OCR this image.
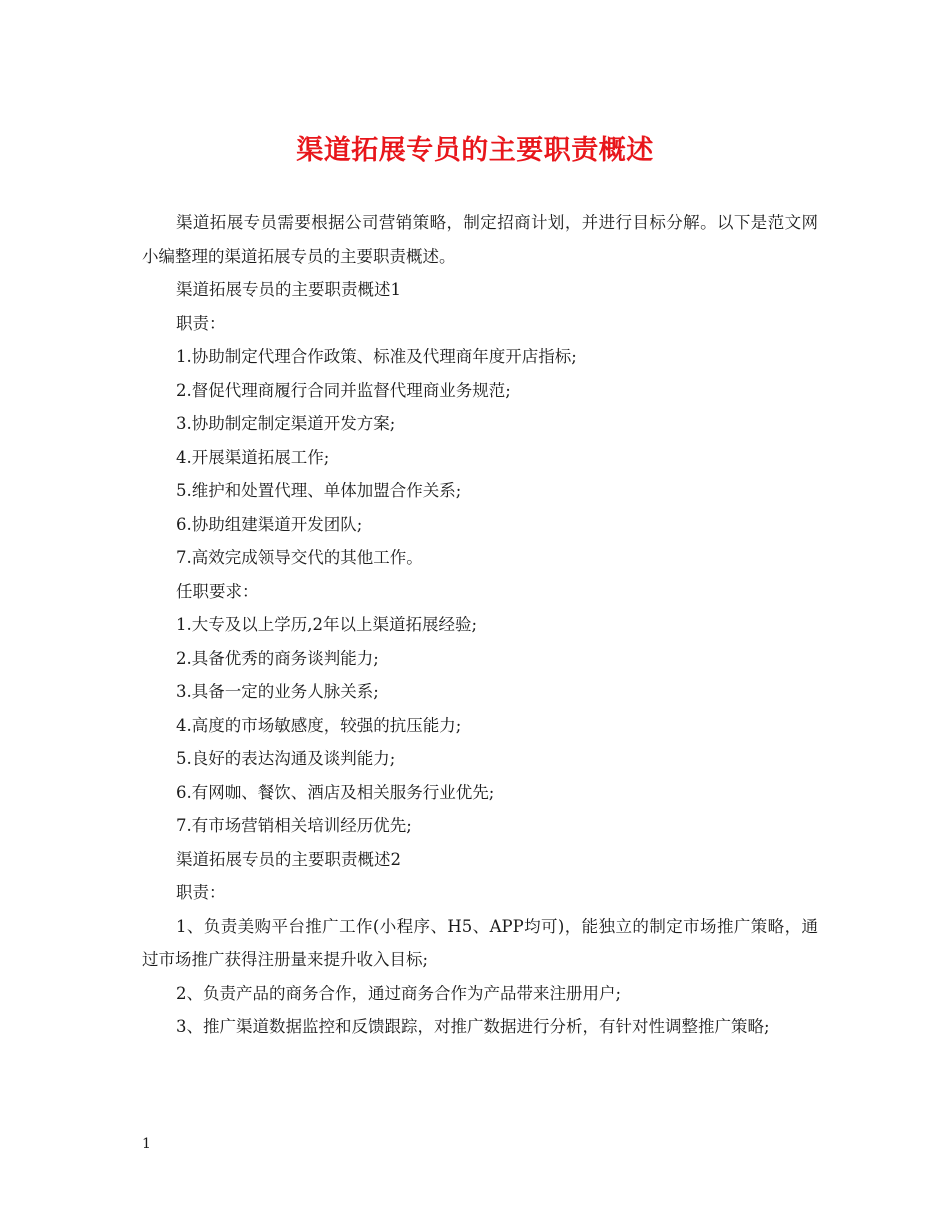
渠道拓展专员的主要职责概述

渠道拓展专员需要根据公司营销策略，制定招商计划，并进行目标分解。以下是范文网小编整理的渠道拓展专员的主要职责概述。

渠道拓展专员的主要职责概述1

职责：

1.协助制定代理合作政策、标准及代理商年度开店指标;

2.督促代理商履行合同并监督代理商业务规范;

3.协助制定制定渠道开发方案;

4.开展渠道拓展工作;

5.维护和处置代理、单体加盟合作关系;

6.协助组建渠道开发团队;

7.高效完成领导交代的其他工作。

任职要求：

1.大专及以上学历,2年以上渠道拓展经验;

2.具备优秀的商务谈判能力;

3.具备一定的业务人脉关系;

4.高度的市场敏感度，较强的抗压能力;

5.良好的表达沟通及谈判能力;

6.有网咖、餐饮、酒店及相关服务行业优先;

7.有市场营销相关培训经历优先;

渠道拓展专员的主要职责概述2

职责：

1、负责美购平台推广工作(小程序、H5、APP均可)，能独立的制定市场推广策略，通过市场推广获得注册量来提升收入目标;

2、负责产品的商务合作，通过商务合作为产品带来注册用户;

3、推广渠道数据监控和反馈跟踪，对推广数据进行分析，有针对性调整推广策略;

1
